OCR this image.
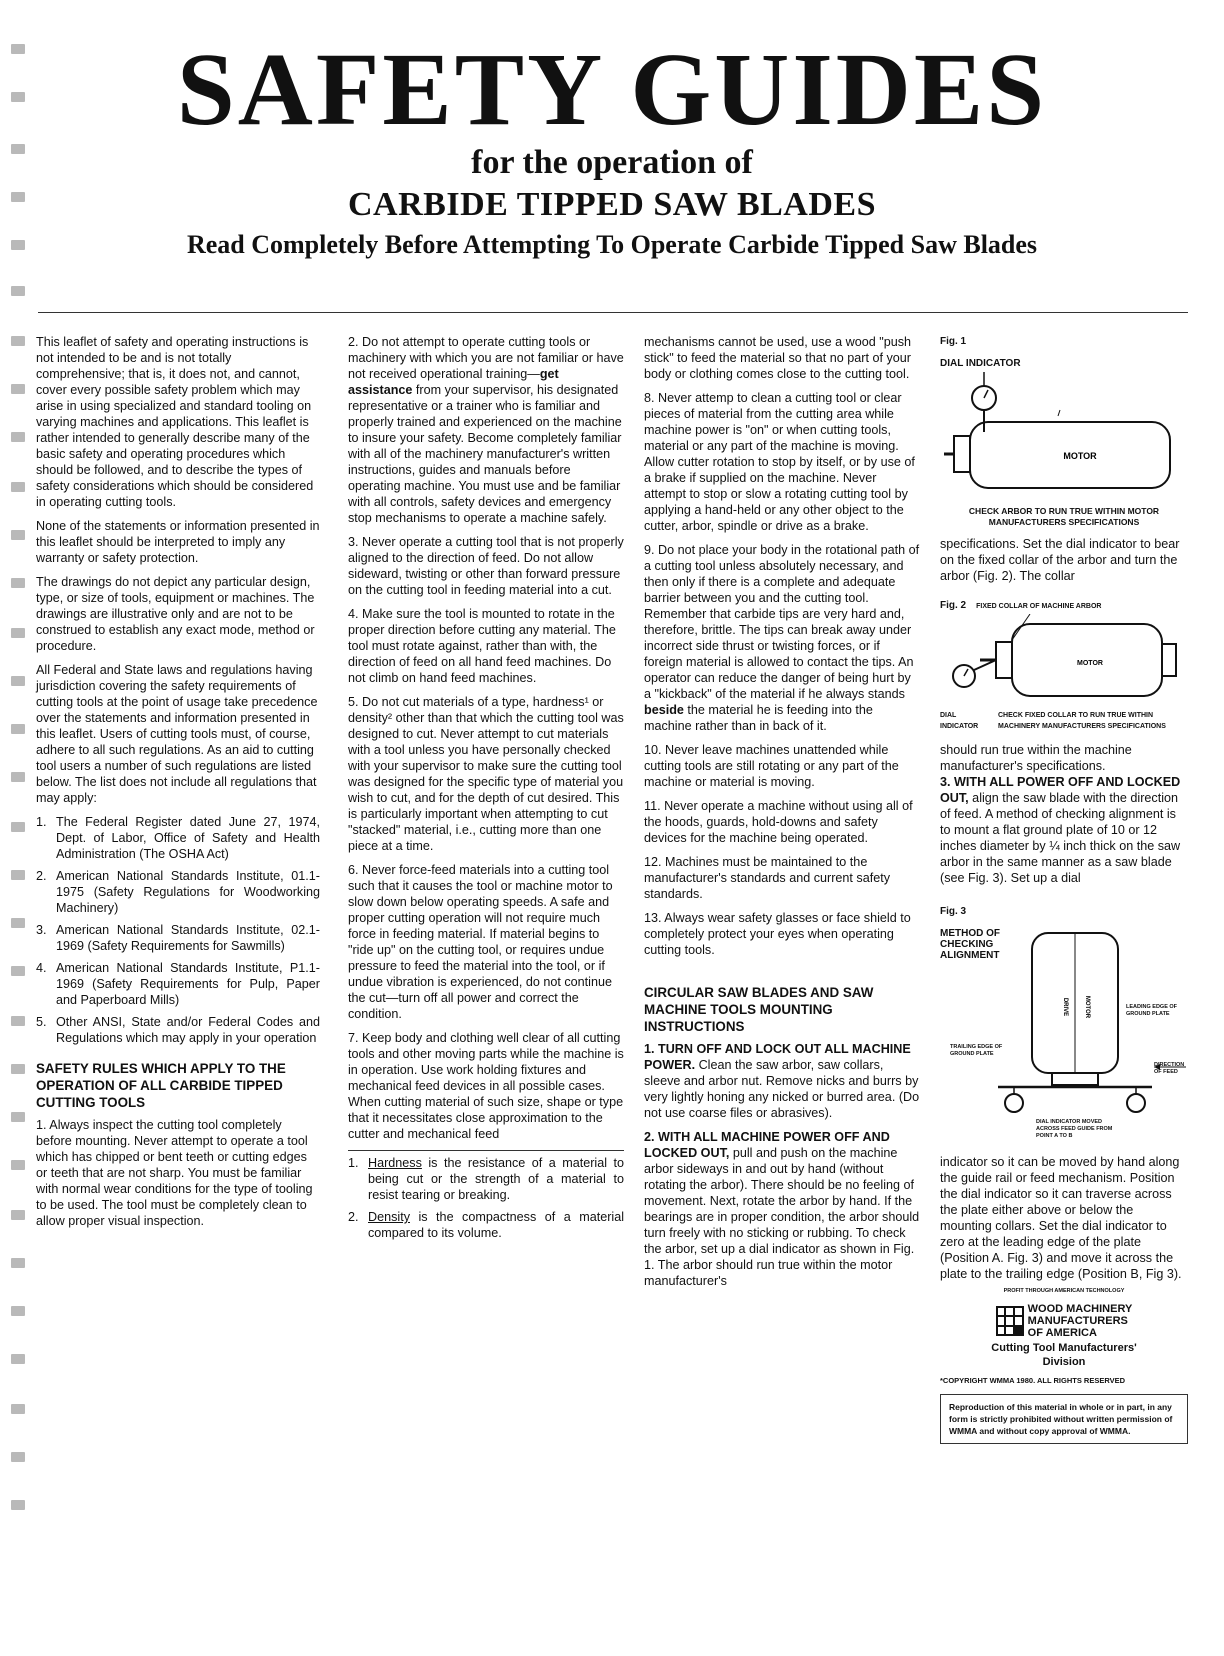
SAFETY GUIDES
for the operation of
CARBIDE TIPPED SAW BLADES
Read Completely Before Attempting To Operate Carbide Tipped Saw Blades

This leaflet of safety and operating instructions is not intended to be and is not totally comprehensive; that is, it does not, and cannot, cover every possible safety problem which may arise in using specialized and standard tooling on varying machines and applications. This leaflet is rather intended to generally describe many of the basic safety and operating procedures which should be followed, and to describe the types of safety considerations which should be considered in operating cutting tools.

None of the statements or information presented in this leaflet should be interpreted to imply any warranty or safety protection.

The drawings do not depict any particular design, type, or size of tools, equipment or machines. The drawings are illustrative only and are not to be construed to establish any exact mode, method or procedure.

All Federal and State laws and regulations having jurisdiction covering the safety requirements of cutting tools at the point of usage take precedence over the statements and information presented in this leaflet. Users of cutting tools must, of course, adhere to all such regulations. As an aid to cutting tool users a number of such regulations are listed below. The list does not include all regulations that may apply:

1. The Federal Register dated June 27, 1974, Dept. of Labor, Office of Safety and Health Administration (The OSHA Act)
2. American National Standards Institute, 01.1-1975 (Safety Regulations for Woodworking Machinery)
3. American National Standards Institute, 02.1-1969 (Safety Requirements for Sawmills)
4. American National Standards Institute, P1.1-1969 (Safety Requirements for Pulp, Paper and Paperboard Mills)
5. Other ANSI, State and/or Federal Codes and Regulations which may apply in your operation
SAFETY RULES WHICH APPLY TO THE OPERATION OF ALL CARBIDE TIPPED CUTTING TOOLS

1. Always inspect the cutting tool completely before mounting. Never attempt to operate a tool which has chipped or bent teeth or cutting edges or teeth that are not sharp. You must be familiar with normal wear conditions for the type of tooling to be used. The tool must be completely clean to allow proper visual inspection.

2. Do not attempt to operate cutting tools or machinery with which you are not familiar or have not received operational training—get assistance from your supervisor, his designated representative or a trainer who is familiar and properly trained and experienced on the machine to insure your safety. Become completely familiar with all of the machinery manufacturer's written instructions, guides and manuals before operating machine. You must use and be familiar with all controls, safety devices and emergency stop mechanisms to operate a machine safely.

3. Never operate a cutting tool that is not properly aligned to the direction of feed. Do not allow sideward, twisting or other than forward pressure on the cutting tool in feeding material into a cut.

4. Make sure the tool is mounted to rotate in the proper direction before cutting any material. The tool must rotate against, rather than with, the direction of feed on all hand feed machines. Do not climb on hand feed machines.

5. Do not cut materials of a type, hardness¹ or density² other than that which the cutting tool was designed to cut. Never attempt to cut materials with a tool unless you have personally checked with your supervisor to make sure the cutting tool was designed for the specific type of material you wish to cut, and for the depth of cut desired. This is particularly important when attempting to cut "stacked" material, i.e., cutting more than one piece at a time.

6. Never force-feed materials into a cutting tool such that it causes the tool or machine motor to slow down below operating speeds. A safe and proper cutting operation will not require much force in feeding material. If material begins to "ride up" on the cutting tool, or requires undue pressure to feed the material into the tool, or if undue vibration is experienced, do not continue the cut—turn off all power and correct the condition.

7. Keep body and clothing well clear of all cutting tools and other moving parts while the machine is in operation. Use work holding fixtures and mechanical feed devices in all possible cases. When cutting material of such size, shape or type that it necessitates close approximation to the cutter and mechanical feed

1. Hardness is the resistance of a material to being cut or the strength of a material to resist tearing or breaking.
2. Density is the compactness of a material compared to its volume.

mechanisms cannot be used, use a wood "push stick" to feed the material so that no part of your body or clothing comes close to the cutting tool.

8. Never attemp to clean a cutting tool or clear pieces of material from the cutting area while machine power is "on" or when cutting tools, material or any part of the machine is moving. Allow cutter rotation to stop by itself, or by use of a brake if supplied on the machine. Never attempt to stop or slow a rotating cutting tool by applying a hand-held or any other object to the cutter, arbor, spindle or drive as a brake.

9. Do not place your body in the rotational path of a cutting tool unless absolutely necessary, and then only if there is a complete and adequate barrier between you and the cutting tool. Remember that carbide tips are very hard and, therefore, brittle. The tips can break away under incorrect side thrust or twisting forces, or if foreign material is allowed to contact the tips. An operator can reduce the danger of being hurt by a "kickback" of the material if he always stands beside the material he is feeding into the machine rather than in back of it.

10. Never leave machines unattended while cutting tools are still rotating or any part of the machine or material is moving.

11. Never operate a machine without using all of the hoods, guards, hold-downs and safety devices for the machine being operated.

12. Machines must be maintained to the manufacturer's standards and current safety standards.

13. Always wear safety glasses or face shield to completely protect your eyes when operating cutting tools.

CIRCULAR SAW BLADES AND SAW MACHINE TOOLS MOUNTING INSTRUCTIONS

1. TURN OFF AND LOCK OUT ALL MACHINE POWER. Clean the saw arbor, saw collars, sleeve and arbor nut. Remove nicks and burrs by very lightly honing any nicked or burred area. (Do not use coarse files or abrasives).

2. WITH ALL MACHINE POWER OFF AND LOCKED OUT, pull and push on the machine arbor sideways in and out by hand (without rotating the arbor). There should be no feeling of movement. Next, rotate the arbor by hand. If the bearings are in proper condition, the arbor should turn freely with no sticking or rubbing. To check the arbor, set up a dial indicator as shown in Fig. 1. The arbor should run true within the motor manufacturer's

Fig. 1
DIAL INDICATOR
MOTOR
CHECK ARBOR TO RUN TRUE WITHIN MOTOR MANUFACTURERS SPECIFICATIONS

specifications. Set the dial indicator to bear on the fixed collar of the arbor and turn the arbor (Fig. 2). The collar

Fig. 2 FIXED COLLAR OF MACHINE ARBOR
MOTOR
DIAL INDICATOR
CHECK FIXED COLLAR TO RUN TRUE WITHIN MACHINERY MANUFACTURERS SPECIFICATIONS

should run true within the machine manufacturer's specifications.

3. WITH ALL POWER OFF AND LOCKED OUT, align the saw blade with the direction of feed. A method of checking alignment is to mount a flat ground plate of 10 or 12 inches diameter by ¼ inch thick on the saw arbor in the same manner as a saw blade (see Fig. 3). Set up a dial

Fig. 3
METHOD OF CHECKING ALIGNMENT
DRIVE	MOTOR	LEADING EDGE OF GROUND PLATE
TRAILING EDGE OF GROUND PLATE
DIRECTION OF FEED
DIAL INDICATOR MOVED ACROSS FEED GUIDE FROM POINT A TO B

indicator so it can be moved by hand along the guide rail or feed mechanism. Position the dial indicator so it can traverse across the plate either above or below the mounting collars. Set the dial indicator to zero at the leading edge of the plate (Position A. Fig. 3) and move it across the plate to the trailing edge (Position B, Fig 3).

PROFIT THROUGH AMERICAN TECHNOLOGY
WOOD MACHINERY
MANUFACTURERS
OF AMERICA
Cutting Tool Manufacturers'
Division
*COPYRIGHT WMMA 1980. ALL RIGHTS RESERVED
Reproduction of this material in whole or in part, in any form is strictly prohibited without written permission of WMMA and without copy approval of WMMA.
